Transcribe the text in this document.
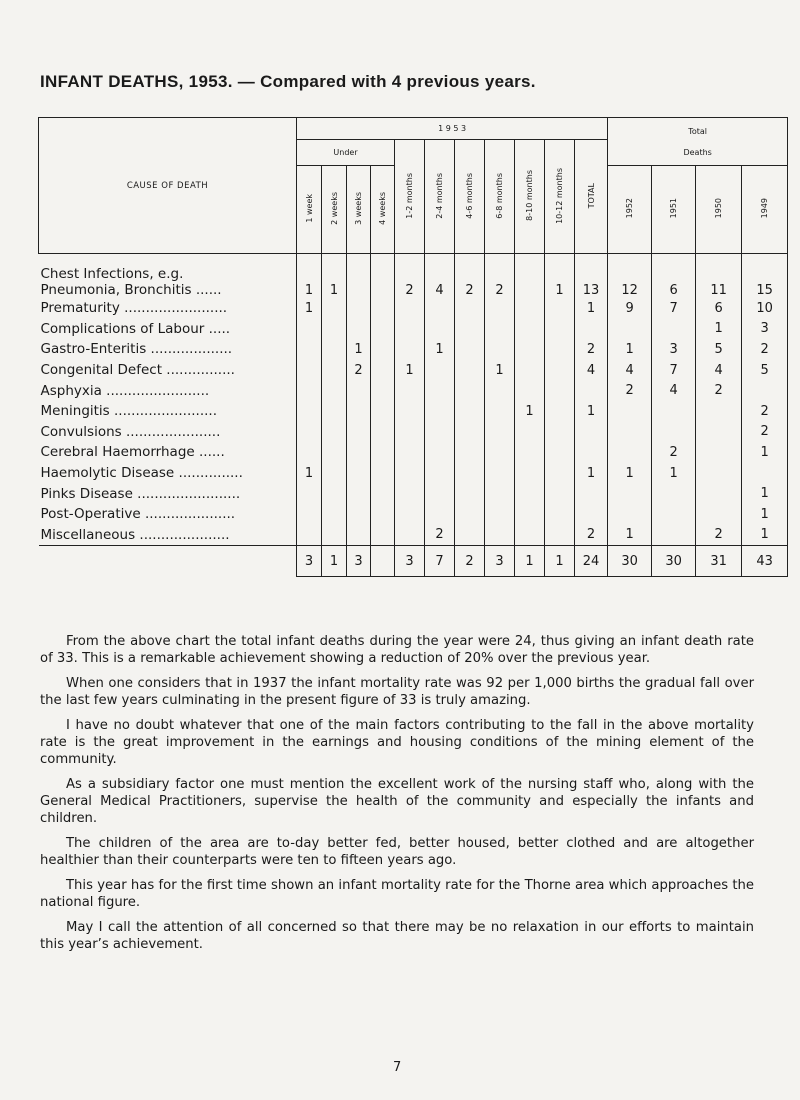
INFANT DEATHS, 1953. — Compared with 4 previous years.
CAUSE OF DEATH	1 9 5 3											Total
Deaths			

	Under				1-2 months	2-4 months	4-6 months	6-8 months	8-10 months	10-12 months	TOTAL				
	1 week	2 weeks	3 weeks	4 weeks								1952	1951	1950	1949

Chest Infections, e.g.
Pneumonia, Bronchitis ......	1	1			2	4	2	2		1	13	12	6	11	15

Prematurity ........................	1										1	9	7	6	10

Complications of Labour .....														1	3

Gastro-Enteritis ...................			1			1					2	1	3	5	2

Congenital Defect ................			2		1			1			4	4	7	4	5

Asphyxia ........................												2	4	2	

Meningitis ........................									1		1				2

Convulsions ......................															2

Cerebral Haemorrhage ......													2		1

Haemolytic Disease ...............	1										1	1	1		

Pinks Disease ........................															1

Post-Operative .....................															1

Miscellaneous .....................						2					2	1		2	1
	3	1	3		3	7	2	3	1	1	24	30	30	31	43

From the above chart the total infant deaths during the year were 24, thus giving an infant death rate of 33. This is a remarkable achievement showing a reduction of 20% over the previous year.

When one considers that in 1937 the infant mortality rate was 92 per 1,000 births the gradual fall over the last few years culminating in the present figure of 33 is truly amazing.

I have no doubt whatever that one of the main factors contributing to the fall in the above mortality rate is the great improvement in the earnings and housing conditions of the mining element of the community.

As a subsidiary factor one must mention the excellent work of the nursing staff who, along with the General Medical Practitioners, supervise the health of the community and especially the infants and children.

The children of the area are to-day better fed, better housed, better clothed and are altogether healthier than their counterparts were ten to fifteen years ago.

This year has for the first time shown an infant mortality rate for the Thorne area which approaches the national figure.

May I call the attention of all concerned so that there may be no relaxation in our efforts to maintain this year’s achievement.

7
